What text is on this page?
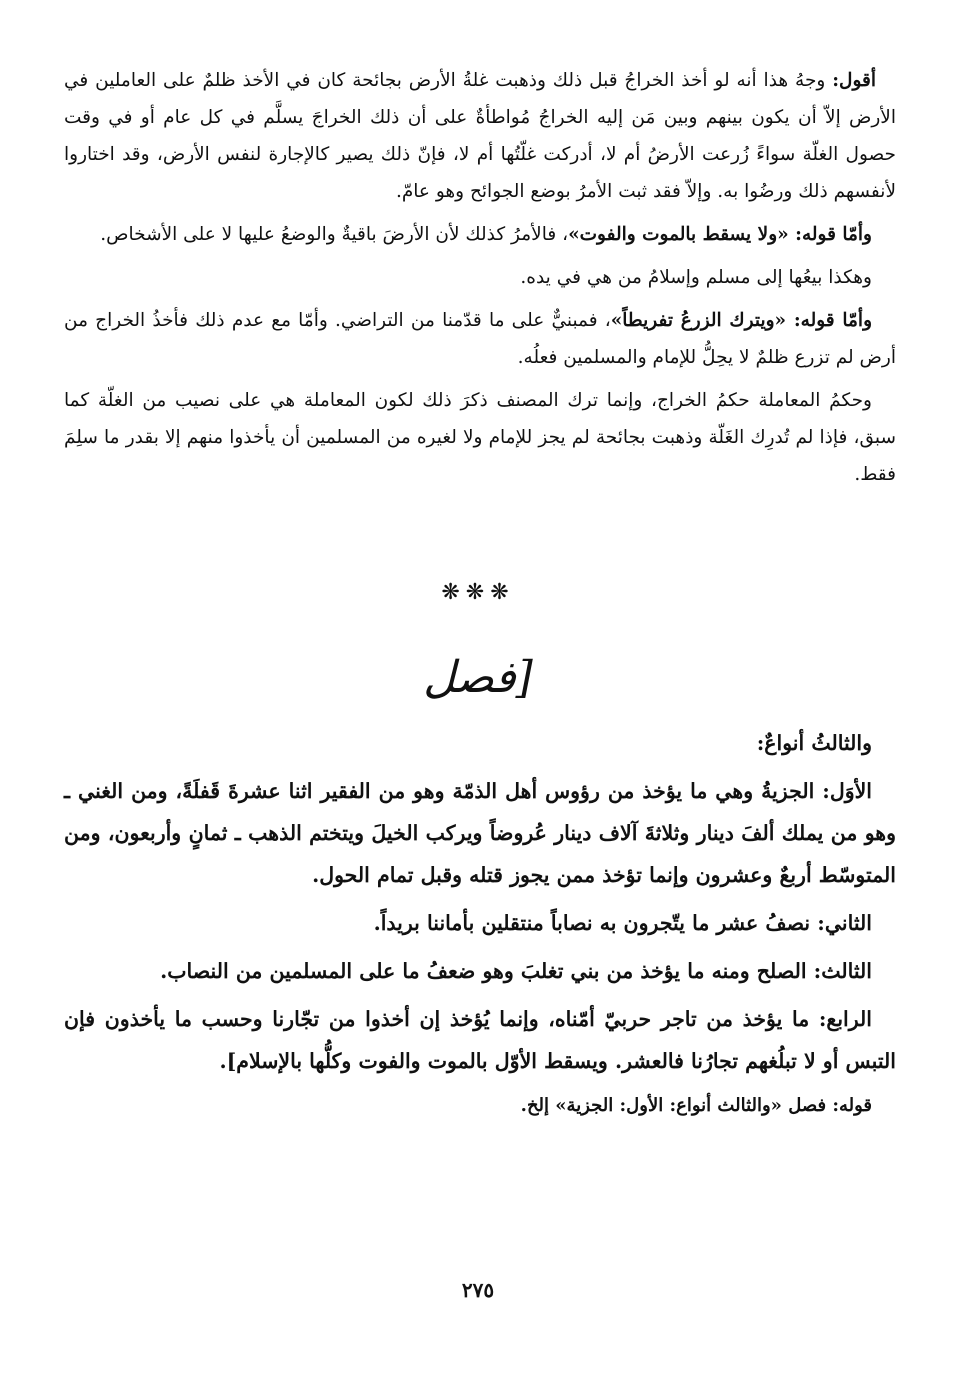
أقول: وجهُ هذا أنه لو أخذ الخراجُ قبل ذلك وذهبت غلةُ الأرض بجائحة كان في الأخذ ظلمٌ على العاملين في الأرض إلاّ أن يكون بينهم وبين مَن إليه الخراجُ مُواطأةٌ على أن ذلك الخراجَ يسلَّم في كل عام أو في وقت حصول الغلّة سواءً زُرعت الأرضُ أم لا، أدركت غلّتُها أم لا، فإنّ ذلك يصير كالإجارة لنفس الأرض، وقد اختاروا لأنفسهم ذلك ورضُوا به. وإلاّ فقد ثبت الأمرُ بوضع الجوائح وهو عامّ.

وأمّا قوله: «ولا يسقط بالموت والفوت»، فالأمرُ كذلك لأن الأرضَ باقيةٌ والوضعُ عليها لا على الأشخاص.

وهكذا بيعُها إلى مسلم وإسلامُ من هي في يده.

وأمّا قوله: «ويترك الزرعُ تفريطاً»، فمبنيٌّ على ما قدّمنا من التراضي. وأمّا مع عدم ذلك فأخذُ الخراج من أرض لم تزرع ظلمٌ لا يحِلُّ للإمام والمسلمين فعلُه.

وحكمُ المعاملة حكمُ الخراج، وإنما ترك المصنف ذكرَ ذلك لكون المعاملة هي على نصيب من الغلّة كما سبق، فإذا لم تُدرِك الغَلّة وذهبت بجائحة لم يجز للإمام ولا لغيره من المسلمين أن يأخذوا منهم إلا بقدر ما سلِمَ فقط.

❋❋❋
[فصل

والثالثُ أنواعٌ:

الأوَل: الجزيةُ وهي ما يؤخذ من رؤوس أهل الذمّة وهو من الفقير اثنا عشرةَ قَفلَةً، ومن الغني ـ وهو من يملك ألفَ دينار وثلاثةَ آلاف دينار عُروضاً ويركب الخيلَ ويتختم الذهب ـ ثمانٍ وأربعون، ومن المتوسّط أربعٌ وعشرون وإنما تؤخذ ممن يجوز قتله وقبل تمام الحول.

الثاني: نصفُ عشر ما يتّجرون به نصاباً منتقلين بأماننا بريداً.

الثالث: الصلح ومنه ما يؤخذ من بني تغلبَ وهو ضعفُ ما على المسلمين من النصاب.

الرابع: ما يؤخذ من تاجر حربيّ أمّناه، وإنما يُؤخذ إن أخذوا من تجّارنا وحسب ما يأخذون فإن التبس أو لا تبلُغهم تجارُنا فالعشر. ويسقط الأوّل بالموت والفوت وكلُّها بالإسلام].

قوله: فصل «والثالث أنواع: الأول: الجزية» إلخ.

٢٧٥
